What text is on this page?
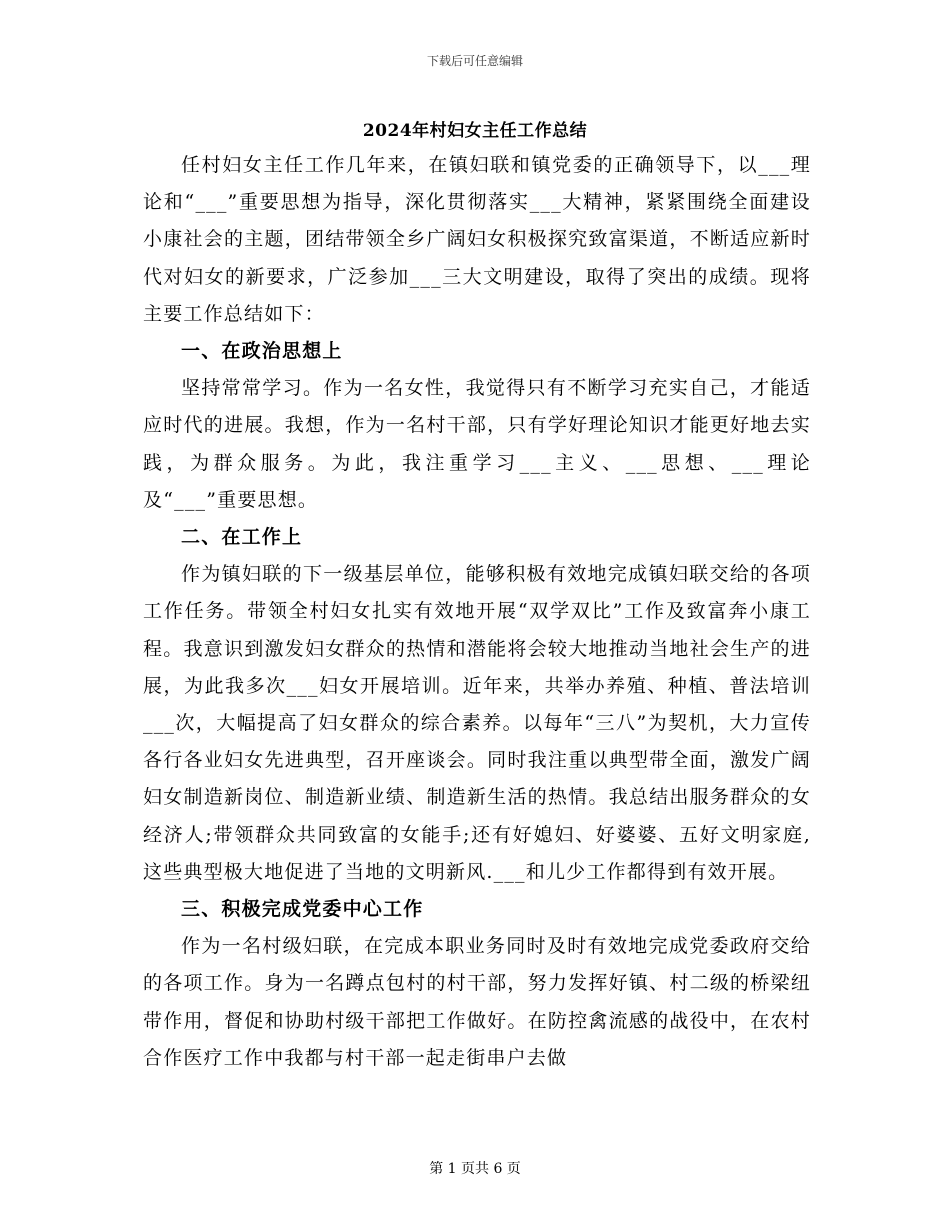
下载后可任意编辑
2024年村妇女主任工作总结

任村妇女主任工作几年来，在镇妇联和镇党委的正确领导下，以___理论和“___”重要思想为指导，深化贯彻落实___大精神，紧紧围绕全面建设小康社会的主题，团结带领全乡广阔妇女积极探究致富渠道，不断适应新时代对妇女的新要求，广泛参加___三大文明建设，取得了突出的成绩。现将主要工作总结如下：

一、在政治思想上

坚持常常学习。作为一名女性，我觉得只有不断学习充实自己，才能适应时代的进展。我想，作为一名村干部，只有学好理论知识才能更好地去实践，为群众服务。为此，我注重学习___主义、___思想、___理论及“___”重要思想。

二、在工作上

作为镇妇联的下一级基层单位，能够积极有效地完成镇妇联交给的各项工作任务。带领全村妇女扎实有效地开展“双学双比”工作及致富奔小康工程。我意识到激发妇女群众的热情和潜能将会较大地推动当地社会生产的进展，为此我多次___妇女开展培训。近年来，共举办养殖、种植、普法培训___次，大幅提高了妇女群众的综合素养。以每年“三八”为契机，大力宣传各行各业妇女先进典型，召开座谈会。同时我注重以典型带全面，激发广阔妇女制造新岗位、制造新业绩、制造新生活的热情。我总结出服务群众的女经济人;带领群众共同致富的女能手;还有好媳妇、好婆婆、五好文明家庭,这些典型极大地促进了当地的文明新风.___和儿少工作都得到有效开展。

三、积极完成党委中心工作

作为一名村级妇联，在完成本职业务同时及时有效地完成党委政府交给的各项工作。身为一名蹲点包村的村干部，努力发挥好镇、村二级的桥梁纽带作用，督促和协助村级干部把工作做好。在防控禽流感的战役中，在农村合作医疗工作中我都与村干部一起走街串户去做

第 1 页共 6 页
